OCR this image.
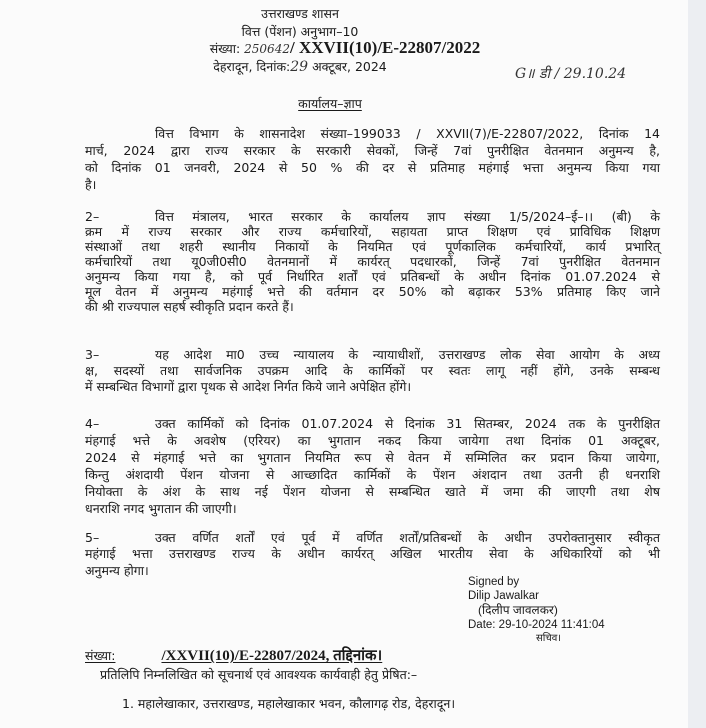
उत्तराखण्ड शासन
वित्त (पेंशन) अनुभाग–10
संख्या: 250642/ XXVII(10)/E-22807/2022
देहरादून, दिनांक:29 अक्टूबर, 2024	G॥ डी / 29.10.24
कार्यालय–ज्ञाप
वित्त विभाग के शासनादेश संख्या–199033 / XXVII(7)/E-22807/2022, दिनांक 14
मार्च, 2024 द्वारा राज्य सरकार के सरकारी सेवकों, जिन्हें 7वां पुनरीक्षित वेतनमान अनुमन्य है,
को दिनांक 01 जनवरी, 2024 से 50 % की दर से प्रतिमाह महंगाई भत्ता अनुमन्य किया गया
है।
वित्त मंत्रालय, भारत सरकार के कार्यालय ज्ञाप संख्या 1/5/2024–ई–।। (बी) के
क्रम में राज्य सरकार और राज्य कर्मचारियों, सहायता प्राप्त शिक्षण एवं प्राविधिक शिक्षण
संस्थाओं तथा शहरी स्थानीय निकायों के नियमित एवं पूर्णकालिक कर्मचारियों, कार्य प्रभारित्
कर्मचारियों तथा यू0जी0सी0 वेतनमानों में कार्यरत् पदधारकों, जिन्हें 7वां पुनरीक्षित वेतनमान
अनुमन्य किया गया है, को पूर्व निर्धारित शर्तों एवं प्रतिबन्धों के अधीन दिनांक 01.07.2024 से
मूल वेतन में अनुमन्य महंगाई भत्ते की वर्तमान दर 50% को बढ़ाकर 53% प्रतिमाह किए जाने
की श्री राज्यपाल सहर्ष स्वीकृति प्रदान करते हैं।
2–
यह आदेश मा0 उच्च न्यायालय के न्यायाधीशों, उत्तराखण्ड लोक सेवा आयोग के अध्य
क्ष, सदस्यों तथा सार्वजनिक उपक्रम आदि के कार्मिकों पर स्वतः लागू नहीं होंगे, उनके सम्बन्ध
में सम्बन्धित विभागों द्वारा पृथक से आदेश निर्गत किये जाने अपेक्षित होंगे।
3–
उक्त कार्मिकों को दिनांक 01.07.2024 से दिनांक 31 सितम्बर, 2024 तक के पुनरीक्षित
मंहगाई भत्ते के अवशेष (एरियर) का भुगतान नकद किया जायेगा तथा दिनांक 01 अक्टूबर,
2024 से मंहगाई भत्ते का भुगतान नियमित रूप से वेतन में सम्मिलित कर प्रदान किया जायेगा,
किन्तु अंशदायी पेंशन योजना से आच्छादित कार्मिकों के पेंशन अंशदान तथा उतनी ही धनराशि
नियोक्ता के अंश के साथ नई पेंशन योजना से सम्बन्धित खाते में जमा की जाएगी तथा शेष
धनराशि नगद भुगतान की जाएगी।
4–
उक्त वर्णित शर्तों एवं पूर्व में वर्णित शर्तों/प्रतिबन्धों के अधीन उपरोक्तानुसार स्वीकृत
महंगाई भत्ता उत्तराखण्ड राज्य के अधीन कार्यरत् अखिल भारतीय सेवा के अधिकारियों को भी
अनुमन्य होगा।
5–
Signed by
Dilip Jawalkar
(दिलीप जावलकर)
Date: 29-10-2024 11:41:04
सचिव।
संख्या:	/XXVII(10)/E-22807/2024, तद्दिनांक।
प्रतिलिपि निम्नलिखित को सूचनार्थ एवं आवश्यक कार्यवाही हेतु प्रेषित:–
1. महालेखाकार, उत्तराखण्ड, महालेखाकार भवन, कौलागढ़ रोड, देहरादून।
